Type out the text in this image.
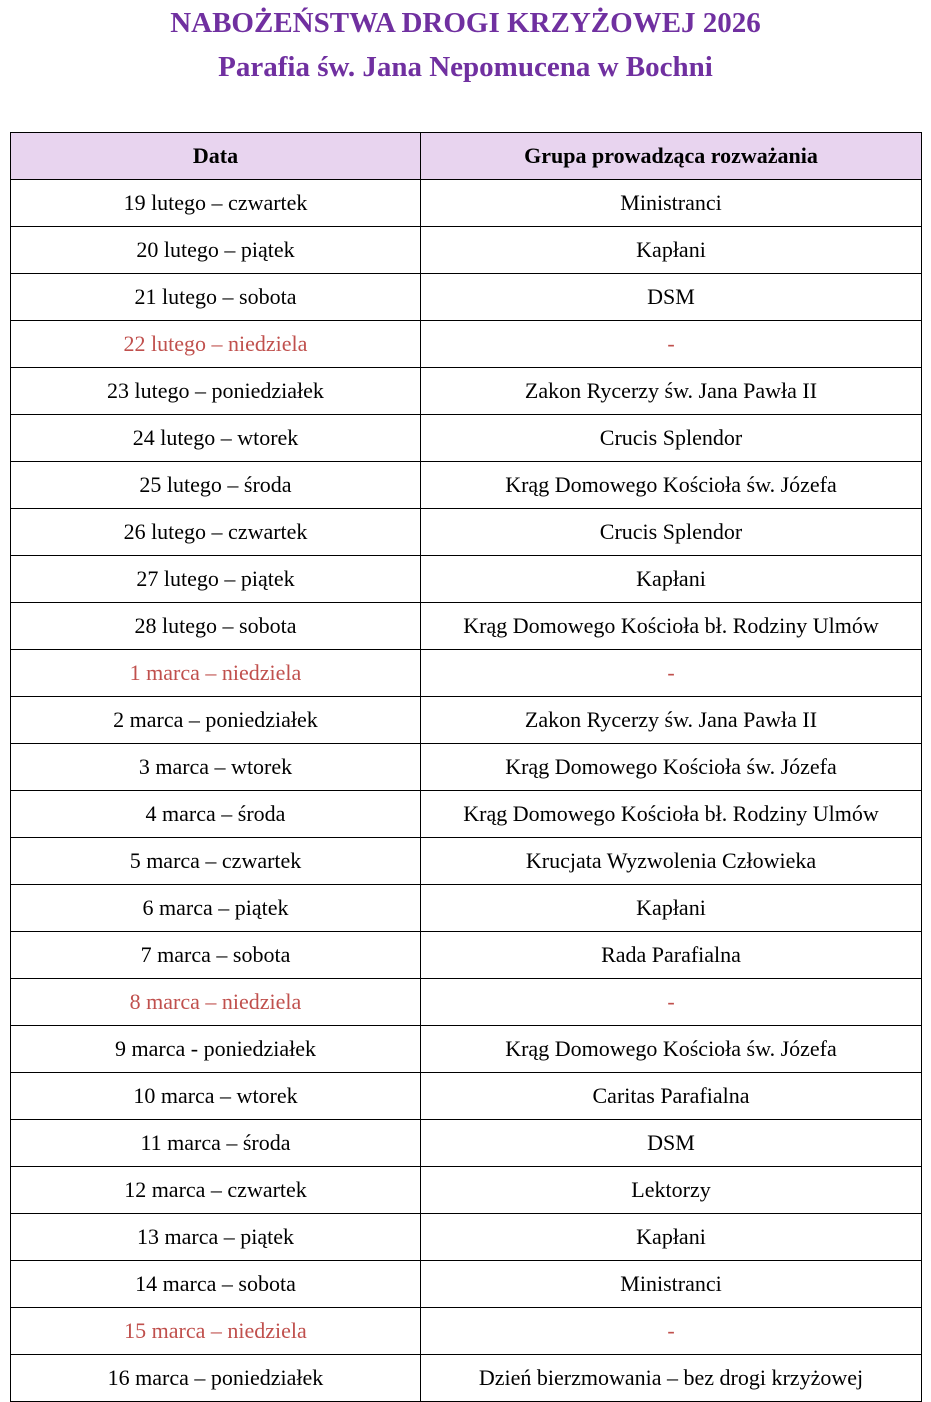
NABOŻEŃSTWA DROGI KRZYŻOWEJ 2026
Parafia św. Jana Nepomucena w Bochni
Data	Grupa prowadząca rozważania
19 lutego – czwartek	Ministranci
20 lutego – piątek	Kapłani
21 lutego – sobota	DSM
22 lutego – niedziela	-
23 lutego – poniedziałek	Zakon Rycerzy św. Jana Pawła II
24 lutego – wtorek	Crucis Splendor
25 lutego – środa	Krąg Domowego Kościoła św. Józefa
26 lutego – czwartek	Crucis Splendor
27 lutego – piątek	Kapłani
28 lutego – sobota	Krąg Domowego Kościoła bł. Rodziny Ulmów
1 marca – niedziela	-
2 marca – poniedziałek	Zakon Rycerzy św. Jana Pawła II
3 marca – wtorek	Krąg Domowego Kościoła św. Józefa
4 marca – środa	Krąg Domowego Kościoła bł. Rodziny Ulmów
5 marca – czwartek	Krucjata Wyzwolenia Człowieka
6 marca – piątek	Kapłani
7 marca – sobota	Rada Parafialna
8 marca – niedziela	-
9 marca - poniedziałek	Krąg Domowego Kościoła św. Józefa
10 marca – wtorek	Caritas Parafialna
11 marca – środa	DSM
12 marca – czwartek	Lektorzy
13 marca – piątek	Kapłani
14 marca – sobota	Ministranci
15 marca – niedziela	-
16 marca – poniedziałek	Dzień bierzmowania – bez drogi krzyżowej
